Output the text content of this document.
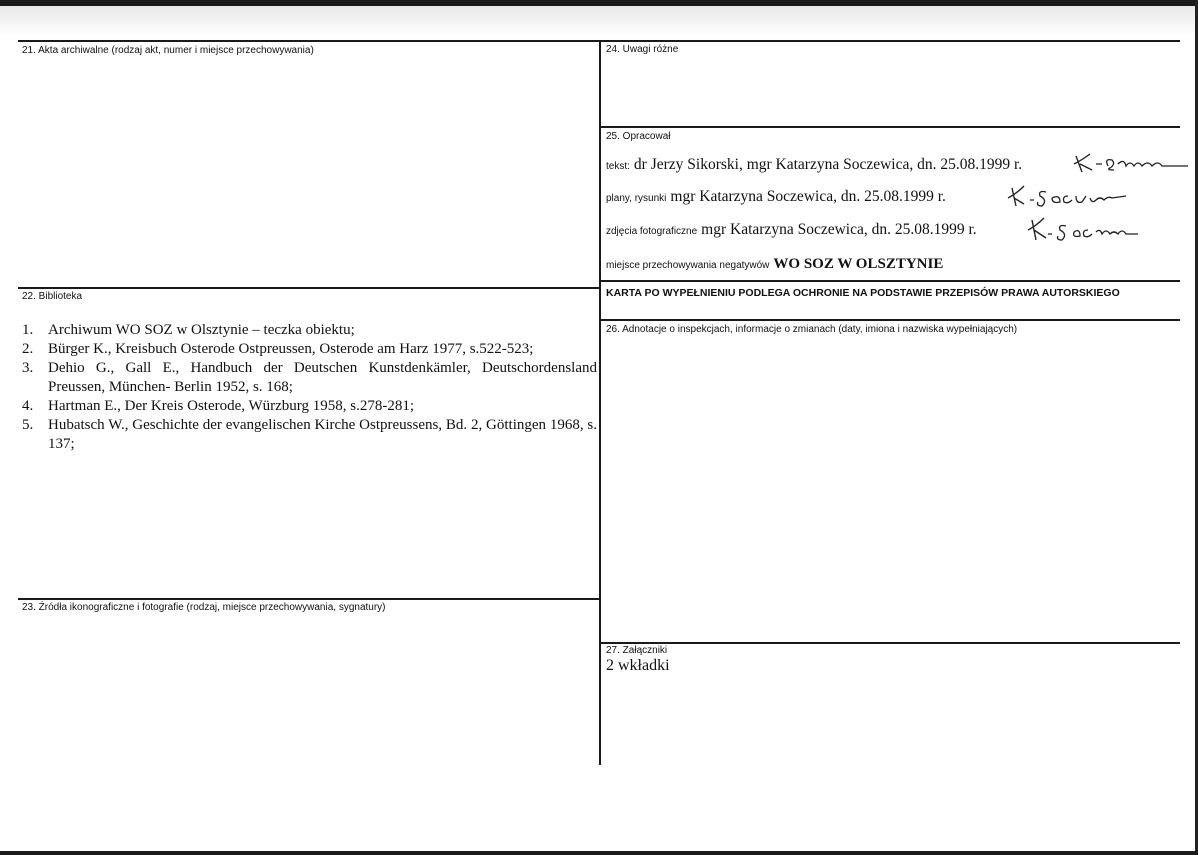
21. Akta archiwalne (rodzaj akt, numer i miejsce przechowywania)
22. Biblioteka
1. Archiwum WO SOZ w Olsztynie – teczka obiektu;
2. Bürger K., Kreisbuch Osterode Ostpreussen, Osterode am Harz 1977, s.522-523;
3. Dehio G., Gall E., Handbuch der Deutschen Kunstdenkämler, Deutschordensland Preussen, München- Berlin 1952, s. 168;
4. Hartman E., Der Kreis Osterode, Würzburg 1958, s.278-281;
5. Hubatsch W., Geschichte der evangelischen Kirche Ostpreussens, Bd. 2, Göttingen 1968, s. 137;
23. Źródła ikonograficzne i fotografie (rodzaj, miejsce przechowywania, sygnatury)
24. Uwagi różne
25. Opracował
tekst: dr Jerzy Sikorski, mgr Katarzyna Soczewica, dn. 25.08.1999 r.
plany, rysunki mgr Katarzyna Soczewica, dn. 25.08.1999 r.
zdjęcia fotograficzne mgr Katarzyna Soczewica, dn. 25.08.1999 r.
miejsce przechowywania negatywów WO SOZ W OLSZTYNIE
KARTA PO WYPEŁNIENIU PODLEGA OCHRONIE NA PODSTAWIE PRZEPISÓW PRAWA AUTORSKIEGO
26. Adnotacje o inspekcjach, informacje o zmianach (daty, imiona i nazwiska wypełniających)
27. Załączniki
2 wkładki
